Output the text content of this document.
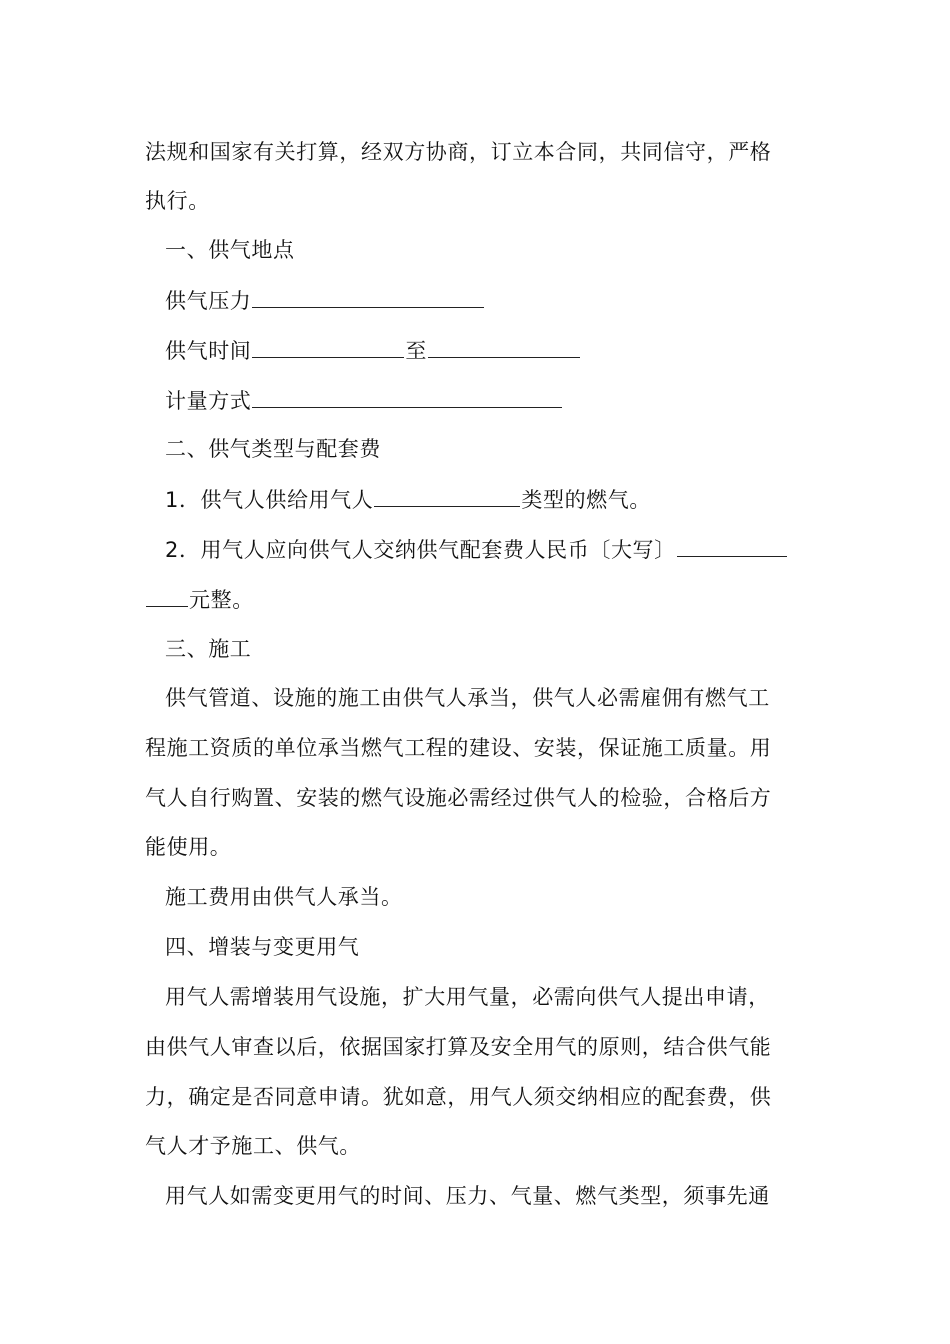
法规和国家有关打算，经双方协商，订立本合同，共同信守，严格
执行。
一、供气地点
供气压力
供气时间	至
计量方式
二、供气类型与配套费
1．供气人供给用气人	类型的燃气。
2．用气人应向供气人交纳供气配套费人民币〔大写〕
元整。
三、施工
供气管道、设施的施工由供气人承当，供气人必需雇佣有燃气工
程施工资质的单位承当燃气工程的建设、安装，保证施工质量。用
气人自行购置、安装的燃气设施必需经过供气人的检验，合格后方
能使用。
施工费用由供气人承当。
四、增装与变更用气
用气人需增装用气设施，扩大用气量，必需向供气人提出申请，
由供气人审查以后，依据国家打算及安全用气的原则，结合供气能
力，确定是否同意申请。犹如意，用气人须交纳相应的配套费，供
气人才予施工、供气。
用气人如需变更用气的时间、压力、气量、燃气类型，须事先通
